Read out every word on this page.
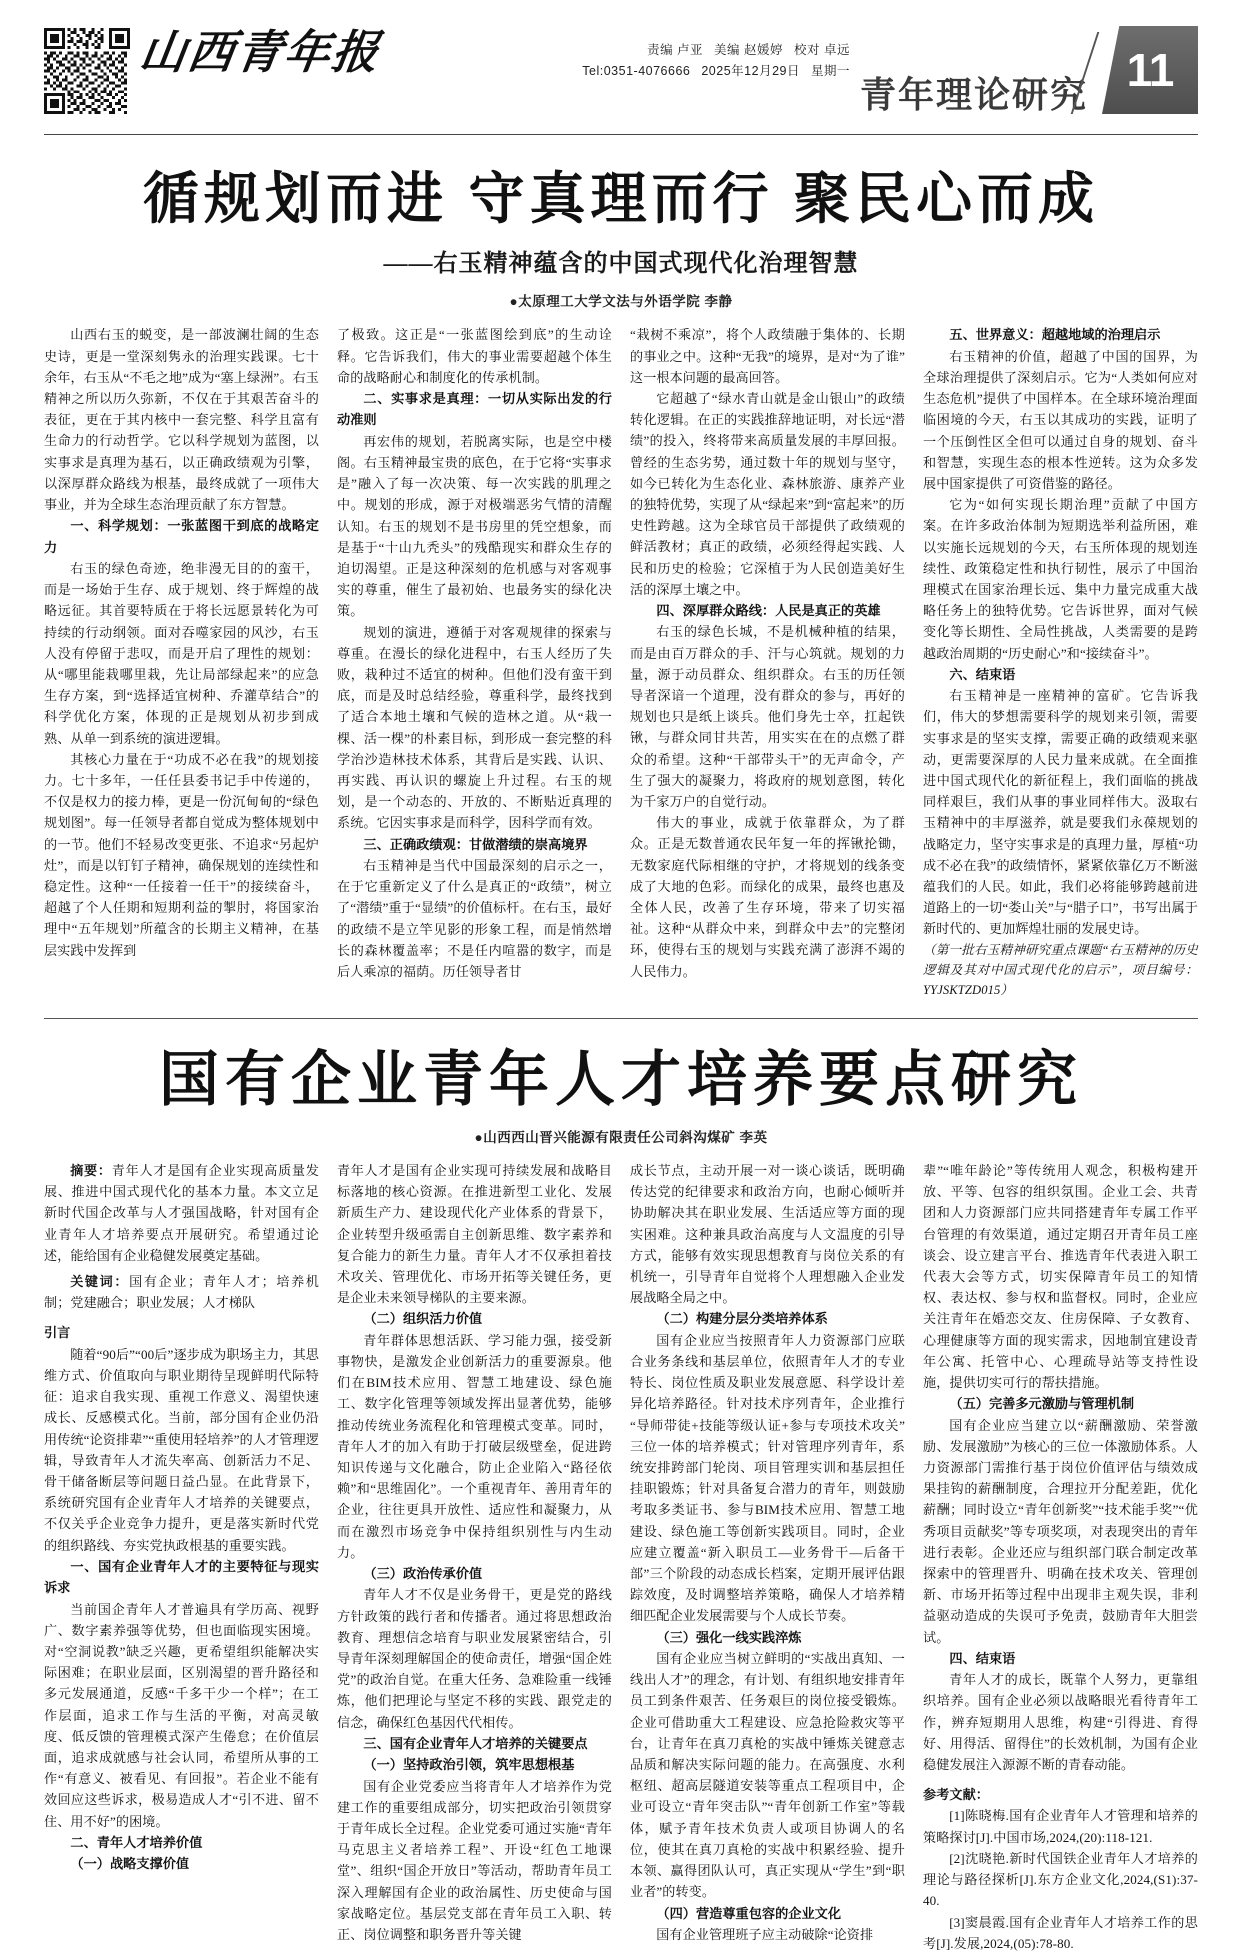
山西青年报	责编 卢亚 美编 赵媛婷 校对 卓远
Tel:0351-4076666 2025年12月29日 星期一
青年理论研究 11
循规划而进 守真理而行 聚民心而成
——右玉精神蕴含的中国式现代化治理智慧
●太原理工大学文法与外语学院 李静

山西右玉的蜕变，是一部波澜壮阔的生态史诗，更是一堂深刻隽永的治理实践课。七十余年，右玉从“不毛之地”成为“塞上绿洲”。右玉精神之所以历久弥新，不仅在于其艰苦奋斗的表征，更在于其内核中一套完整、科学且富有生命力的行动哲学。它以科学规划为蓝图，以实事求是真理为基石，以正确政绩观为引擎，以深厚群众路线为根基，最终成就了一项伟大事业，并为全球生态治理贡献了东方智慧。

一、科学规划：一张蓝图干到底的战略定力

右玉的绿色奇迹，绝非漫无目的的蛮干，而是一场始于生存、成于规划、终于辉煌的战略远征。其首要特质在于将长远愿景转化为可持续的行动纲领。面对吞噬家园的风沙，右玉人没有停留于悲叹，而是开启了理性的规划：从“哪里能栽哪里栽，先让局部绿起来”的应急生存方案，到“选择适宜树种、乔灌草结合”的科学优化方案，体现的正是规划从初步到成熟、从单一到系统的演进逻辑。

其核心力量在于“功成不必在我”的规划接力。七十多年，一任任县委书记手中传递的，不仅是权力的接力棒，更是一份沉甸甸的“绿色规划图”。每一任领导者都自觉成为整体规划中的一节。他们不轻易改变更张、不追求“另起炉灶”，而是以钉钉子精神，确保规划的连续性和稳定性。这种“一任接着一任干”的接续奋斗，超越了个人任期和短期利益的掣肘，将国家治理中“五年规划”所蕴含的长期主义精神，在基层实践中发挥到

了极致。这正是“一张蓝图绘到底”的生动诠释。它告诉我们，伟大的事业需要超越个体生命的战略耐心和制度化的传承机制。

二、实事求是真理：一切从实际出发的行动准则

再宏伟的规划，若脱离实际，也是空中楼阁。右玉精神最宝贵的底色，在于它将“实事求是”融入了每一次决策、每一次实践的肌理之中。规划的形成，源于对极端恶劣气情的清醒认知。右玉的规划不是书房里的凭空想象，而是基于“十山九秃头”的残酷现实和群众生存的迫切渴望。正是这种深刻的危机感与对客观事实的尊重，催生了最初始、也最务实的绿化决策。

规划的演进，遵循于对客观规律的探索与尊重。在漫长的绿化进程中，右玉人经历了失败，栽种过不适宜的树种。但他们没有蛮干到底，而是及时总结经验，尊重科学，最终找到了适合本地土壤和气候的造林之道。从“栽一棵、活一棵”的朴素目标，到形成一套完整的科学治沙造林技术体系，其背后是实践、认识、再实践、再认识的螺旋上升过程。右玉的规划，是一个动态的、开放的、不断贴近真理的系统。它因实事求是而科学，因科学而有效。

三、正确政绩观：甘做潜绩的崇高境界

右玉精神是当代中国最深刻的启示之一，在于它重新定义了什么是真正的“政绩”，树立了“潜绩”重于“显绩”的价值标杆。在右玉，最好的政绩不是立竿见影的形象工程，而是悄然增长的森林覆盖率；不是任内喧嚣的数字，而是后人乘凉的福荫。历任领导者甘

“栽树不乘凉”，将个人政绩融于集体的、长期的事业之中。这种“无我”的境界，是对“为了谁”这一根本问题的最高回答。

它超越了“绿水青山就是金山银山”的政绩转化逻辑。在正的实践推辞地证明，对长远“潜绩”的投入，终将带来高质量发展的丰厚回报。曾经的生态劣势，通过数十年的规划与坚守，如今已转化为生态化业、森林旅游、康养产业的独特优势，实现了从“绿起来”到“富起来”的历史性跨越。这为全球官员干部提供了政绩观的鲜活教材；真正的政绩，必须经得起实践、人民和历史的检验；它深植于为人民创造美好生活的深厚土壤之中。

四、深厚群众路线：人民是真正的英雄

右玉的绿色长城，不是机械种植的结果，而是由百万群众的手、汗与心筑就。规划的力量，源于动员群众、组织群众。右玉的历任领导者深谙一个道理，没有群众的参与，再好的规划也只是纸上谈兵。他们身先士卒，扛起铁锹，与群众同甘共苦，用实实在在的点燃了群众的希望。这种“干部带头干”的无声命令，产生了强大的凝聚力，将政府的规划意图，转化为千家万户的自觉行动。

伟大的事业，成就于依靠群众，为了群众。正是无数普通农民年复一年的挥锹抡锄，无数家庭代际相继的守护，才将规划的线条变成了大地的色彩。而绿化的成果，最终也惠及全体人民，改善了生存环境，带来了切实福祉。这种“从群众中来，到群众中去”的完整闭环，使得右玉的规划与实践充满了澎湃不竭的人民伟力。

五、世界意义：超越地域的治理启示

右玉精神的价值，超越了中国的国界，为全球治理提供了深刻启示。它为“人类如何应对生态危机”提供了中国样本。在全球环境治理面临困境的今天，右玉以其成功的实践，证明了一个压倒性区全但可以通过自身的规划、奋斗和智慧，实现生态的根本性逆转。这为众多发展中国家提供了可资借鉴的路径。

它为“如何实现长期治理”贡献了中国方案。在许多政治体制为短期选举利益所困，难以实施长远规划的今天，右玉所体现的规划连续性、政策稳定性和执行韧性，展示了中国治理模式在国家治理长远、集中力量完成重大战略任务上的独特优势。它告诉世界，面对气候变化等长期性、全局性挑战，人类需要的是跨越政治周期的“历史耐心”和“接续奋斗”。

六、结束语

右玉精神是一座精神的富矿。它告诉我们，伟大的梦想需要科学的规划来引领，需要实事求是的坚实支撑，需要正确的政绩观来驱动，更需要深厚的人民力量来成就。在全面推进中国式现代化的新征程上，我们面临的挑战同样艰巨，我们从事的事业同样伟大。汲取右玉精神中的丰厚滋养，就是要我们永葆规划的战略定力，坚守实事求是的真理力量，厚植“功成不必在我”的政绩情怀，紧紧依靠亿万不断滋蕴我们的人民。如此，我们必将能够跨越前进道路上的一切“娄山关”与“腊子口”，书写出属于新时代的、更加辉煌壮丽的发展史诗。

（第一批右玉精神研究重点课题“右玉精神的历史逻辑及其对中国式现代化的启示”，项目编号：YYJSKTZD015）

国有企业青年人才培养要点研究
●山西西山晋兴能源有限责任公司斜沟煤矿 李英

摘要：青年人才是国有企业实现高质量发展、推进中国式现代化的基本力量。本文立足新时代国企改革与人才强国战略，针对国有企业青年人才培养要点开展研究。希望通过论述，能给国有企业稳健发展奠定基础。

关键词：国有企业；青年人才；培养机制；党建融合；职业发展；人才梯队

引言

随着“90后”“00后”逐步成为职场主力，其思维方式、价值取向与职业期待呈现鲜明代际特征：追求自我实现、重视工作意义、渴望快速成长、反感模式化。当前，部分国有企业仍沿用传统“论资排辈”“重使用轻培养”的人才管理逻辑，导致青年人才流失率高、创新活力不足、骨干储备断层等问题日益凸显。在此背景下，系统研究国有企业青年人才培养的关键要点，不仅关乎企业竞争力提升，更是落实新时代党的组织路线、夯实党执政根基的重要实践。

一、国有企业青年人才的主要特征与现实诉求

当前国企青年人才普遍具有学历高、视野广、数字素养强等优势，但也面临现实困境。对“空洞说教”缺乏兴趣，更希望组织能解决实际困难；在职业层面，区别渴望的晋升路径和多元发展通道，反感“千多干少一个样”；在工作层面，追求工作与生活的平衡，对高灵敏度、低反馈的管理模式深产生倦怠；在价值层面，追求成就感与社会认同，希望所从事的工作“有意义、被看见、有回报”。若企业不能有效回应这些诉求，极易造成人才“引不进、留不住、用不好”的困境。

二、青年人才培养价值

（一）战略支撑价值

青年人才是国有企业实现可持续发展和战略目标落地的核心资源。在推进新型工业化、发展新质生产力、建设现代化产业体系的背景下，企业转型升级亟需自主创新思维、数字素养和复合能力的新生力量。青年人才不仅承担着技术攻关、管理优化、市场开拓等关键任务，更是企业未来领导梯队的主要来源。

（二）组织活力价值

青年群体思想活跃、学习能力强，接受新事物快，是激发企业创新活力的重要源泉。他们在BIM技术应用、智慧工地建设、绿色施工、数字化管理等领域发挥出显著优势，能够推动传统业务流程化和管理模式变革。同时，青年人才的加入有助于打破层级壁垒，促进跨知识传递与文化融合，防止企业陷入“路径依赖”和“思维固化”。一个重视青年、善用青年的企业，往往更具开放性、适应性和凝聚力，从而在激烈市场竞争中保持组织别性与内生动力。

（三）政治传承价值

青年人才不仅是业务骨干，更是党的路线方针政策的践行者和传播者。通过将思想政治教育、理想信念培育与职业发展紧密结合，引导青年深刻理解国企的使命责任，增强“国企姓党”的政治自觉。在重大任务、急难险重一线锤炼，他们把理论与坚定不移的实践、跟党走的信念，确保红色基因代代相传。

三、国有企业青年人才培养的关键要点

（一）坚持政治引领，筑牢思想根基

国有企业党委应当将青年人才培养作为党建工作的重要组成部分，切实把政治引领贯穿于青年成长全过程。企业党委可通过实施“青年马克思主义者培养工程”、开设“红色工地课堂”、组织“国企开放日”等活动，帮助青年员工深入理解国有企业的政治属性、历史使命与国家战略定位。基层党支部在青年员工入职、转正、岗位调整和职务晋升等关键

成长节点，主动开展一对一谈心谈话，既明确传达党的纪律要求和政治方向，也耐心倾听并协助解决其在职业发展、生活适应等方面的现实困难。这种兼具政治高度与人文温度的引导方式，能够有效实现思想教育与岗位关系的有机统一，引导青年自觉将个人理想融入企业发展战略全局之中。

（二）构建分层分类培养体系

国有企业应当按照青年人力资源部门应联合业务条线和基层单位，依照青年人才的专业特长、岗位性质及职业发展意愿、科学设计差异化培养路径。针对技术序列青年，企业推行“导师带徒+技能等级认证+参与专项技术攻关”三位一体的培养模式；针对管理序列青年，系统安排跨部门轮岗、项目管理实训和基层担任挂职锻炼；针对具备复合潜力的青年，则鼓励考取多类证书、参与BIM技术应用、智慧工地建设、绿色施工等创新实践项目。同时，企业应建立覆盖“新入职员工—业务骨干—后备干部”三个阶段的动态成长档案，定期开展评估跟踪效度，及时调整培养策略，确保人才培养精细匹配企业发展需要与个人成长节奏。

（三）强化一线实践淬炼

国有企业应当树立鲜明的“实战出真知、一线出人才”的理念，有计划、有组织地安排青年员工到条件艰苦、任务艰巨的岗位接受锻炼。企业可借助重大工程建设、应急抢险救灾等平台，让青年在真刀真枪的实战中锤炼关键意志品质和解决实际问题的能力。在高强度、水利枢纽、超高层隧道安装等重点工程项目中，企业可设立“青年突击队”“青年创新工作室”等载体，赋予青年技术负责人或项目协调人的名位，使其在真刀真枪的实战中积累经验、提升本领、赢得团队认可，真正实现从“学生”到“职业者”的转变。

（四）营造尊重包容的企业文化

国有企业管理班子应主动破除“论资排

辈”“唯年龄论”等传统用人观念，积极构建开放、平等、包容的组织氛围。企业工会、共青团和人力资源部门应共同搭建青年专属工作平台管理的有效渠道，通过定期召开青年员工座谈会、设立建言平台、推选青年代表进入职工代表大会等方式，切实保障青年员工的知情权、表达权、参与权和监督权。同时，企业应关注青年在婚恋交友、住房保障、子女教育、心理健康等方面的现实需求，因地制宜建设青年公寓、托管中心、心理疏导站等支持性设施，提供切实可行的帮扶措施。

（五）完善多元激励与管理机制

国有企业应当建立以“薪酬激励、荣誉激励、发展激励”为核心的三位一体激励体系。人力资源部门需推行基于岗位价值评估与绩效成果挂钩的薪酬制度，合理拉开分配差距，优化薪酬；同时设立“青年创新奖”“技术能手奖”“优秀项目贡献奖”等专项奖项，对表现突出的青年进行表彰。企业还应与组织部门联合制定改革探索中的管理晋升、明确在技术攻关、管理创新、市场开拓等过程中出现非主观失误，非利益驱动造成的失误可予免责，鼓励青年大胆尝试。

四、结束语

青年人才的成长，既靠个人努力，更靠组织培养。国有企业必须以战略眼光看待青年工作，辨弃短期用人思维，构建“引得进、育得好、用得活、留得住”的长效机制，为国有企业稳健发展注入源源不断的青春动能。

参考文献：

[1]陈晓梅.国有企业青年人才管理和培养的策略探讨[J].中国市场,2024,(20):118-121.

[2]沈晓艳.新时代国铁企业青年人才培养的理论与路径探析[J].东方企业文化,2024,(S1):37-40.

[3]窦晨霞.国有企业青年人才培养工作的思考[J].发展,2024,(05):78-80.
